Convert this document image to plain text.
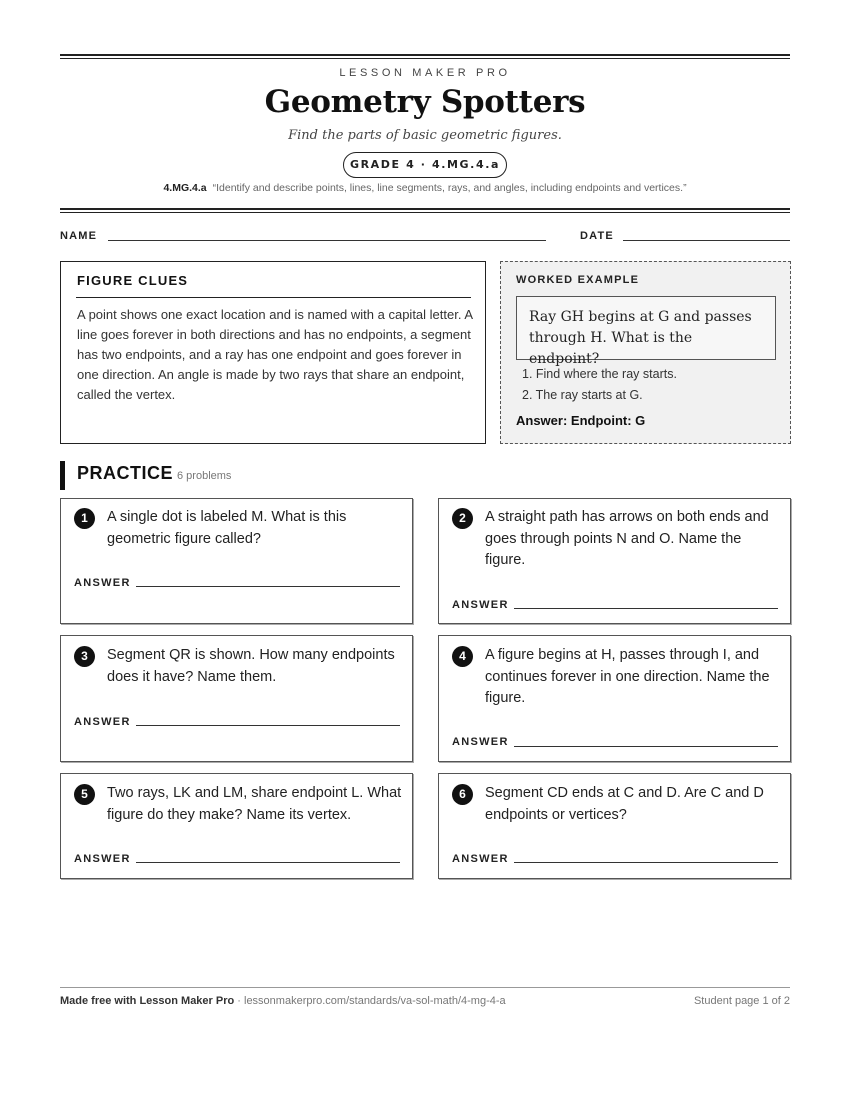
LESSON MAKER PRO
Geometry Spotters
Find the parts of basic geometric figures.
GRADE 4 · 4.MG.4.a
4.MG.4.a “Identify and describe points, lines, line segments, rays, and angles, including endpoints and vertices.”
NAME	DATE
FIGURE CLUES
A point shows one exact location and is named with a capital letter. A line goes forever in both directions and has no endpoints, a segment has two endpoints, and a ray has one endpoint and goes forever in one direction. An angle is made by two rays that share an endpoint, called the vertex.
WORKED EXAMPLE
Ray GH begins at G and passes through H. What is the endpoint?
1. Find where the ray starts.
2. The ray starts at G.
Answer: Endpoint: G
PRACTICE 6 problems
1	A single dot is labeled M. What is this geometric figure called?
ANSWER
2	A straight path has arrows on both ends and goes through points N and O. Name the figure.
ANSWER
3	Segment QR is shown. How many endpoints does it have? Name them.
ANSWER
4	A figure begins at H, passes through I, and continues forever in one direction. Name the figure.
ANSWER
5	Two rays, LK and LM, share endpoint L. What figure do they make? Name its vertex.
ANSWER
6	Segment CD ends at C and D. Are C and D endpoints or vertices?
ANSWER
Made free with Lesson Maker Pro · lessonmakerpro.com/standards/va-sol-math/4-mg-4-a	Student page 1 of 2
